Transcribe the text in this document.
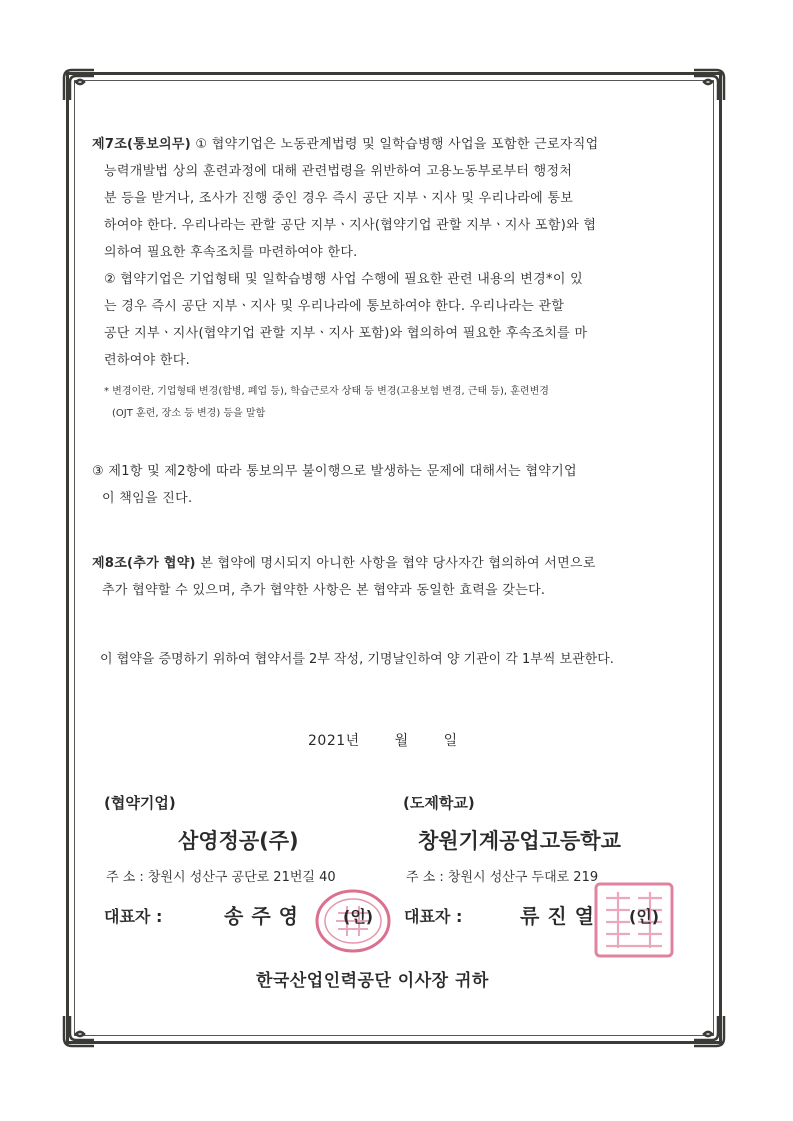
제7조(통보의무) ① 협약기업은 노동관계법령 및 일학습병행 사업을 포함한 근로자직업
능력개발법 상의 훈련과정에 대해 관련법령을 위반하여 고용노동부로부터 행정처
분 등을 받거나, 조사가 진행 중인 경우 즉시 공단 지부ㆍ지사 및 우리나라에 통보
하여야 한다. 우리나라는 관할 공단 지부ㆍ지사(협약기업 관할 지부ㆍ지사 포함)와 협
의하여 필요한 후속조치를 마련하여야 한다.
② 협약기업은 기업형태 및 일학습병행 사업 수행에 필요한 관련 내용의 변경*이 있
는 경우 즉시 공단 지부ㆍ지사 및 우리나라에 통보하여야 한다. 우리나라는 관할
공단 지부ㆍ지사(협약기업 관할 지부ㆍ지사 포함)와 협의하여 필요한 후속조치를 마
련하여야 한다.
* 변경이란, 기업형태 변경(합병, 폐업 등), 학습근로자 상태 등 변경(고용보험 변경, 근태 등), 훈련변경
(OJT 훈련, 장소 등 변경) 등을 말함
③ 제1항 및 제2항에 따라 통보의무 불이행으로 발생하는 문제에 대해서는 협약기업
이 책임을 진다.
제8조(추가 협약) 본 협약에 명시되지 아니한 사항을 협약 당사자간 협의하여 서면으로
추가 협약할 수 있으며, 추가 협약한 사항은 본 협약과 동일한 효력을 갖는다.
이 협약을 증명하기 위하여 협약서를 2부 작성, 기명날인하여 양 기관이 각 1부씩 보관한다.
2021년 월 일
(협약기업)
삼영정공(주)
주 소 : 창원시 성산구 공단로 21번길 40
대표자 :	송주영 (인)
(도제학교)
창원기계공업고등학교
주 소 : 창원시 성산구 두대로 219
대표자 :	류진열 (인)
한국산업인력공단 이사장 귀하
